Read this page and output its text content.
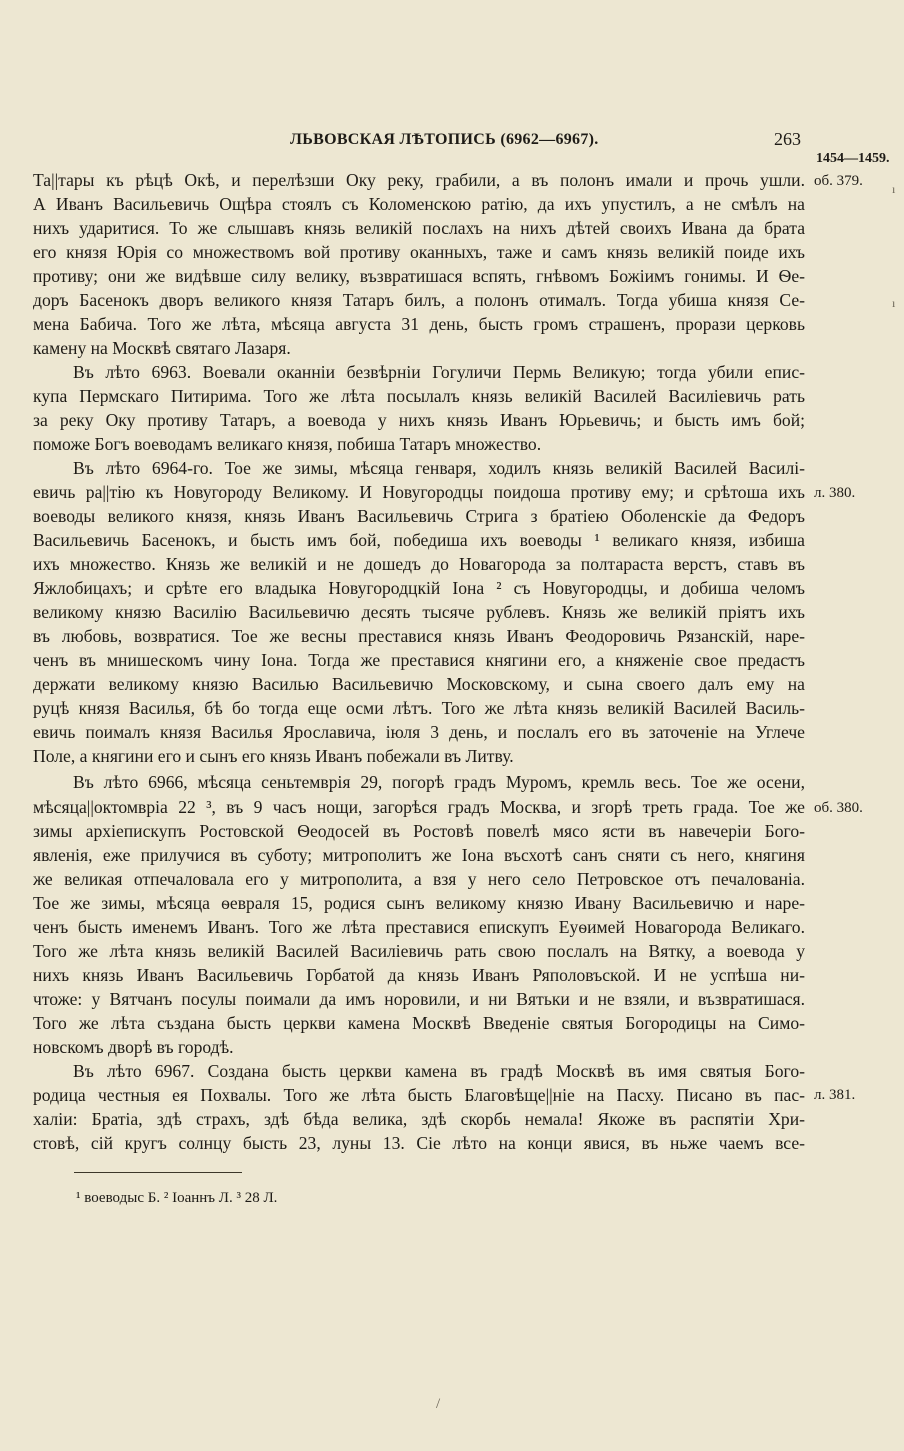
ЛЬВОВСКАЯ ЛѢТОПИСЬ (6962—6967).	263
1454—1459.
об. 379.
л. 380.
об. 380.
л. 381.
Та||тары къ рѣцѣ Окѣ, и перелѣзши Оку реку, грабили, а въ полонъ имали и прочь ушли.
А Иванъ Васильевичь Ощѣра стоялъ съ Коломенскою ратію, да ихъ упустилъ, а не смѣлъ на
нихъ ударитися. То же слышавъ князь великій послахъ на нихъ дѣтей своихъ Ивана да брата
его князя Юрія со множествомъ вой противу оканныхъ, таже и самъ князь великій поиде ихъ
противу; они же видѣвше силу велику, възвратишася вспять, гнѣвомъ Божіимъ гонимы. И Ѳе-
доръ Басенокъ дворъ великого князя Татаръ билъ, а полонъ отималъ. Тогда убиша князя Се-
мена Бабича. Того же лѣта, мѣсяца августа 31 день, бысть громъ страшенъ, прорази церковь
камену на Москвѣ святаго Лазаря.
Въ лѣто 6963. Воевали оканніи безвѣрніи Гогуличи Пермь Великую; тогда убили епис-
купа Пермскаго Питирима. Того же лѣта посылалъ князь великій Василей Василіевичь рать
за реку Оку противу Татаръ, а воевода у нихъ князь Иванъ Юрьевичь; и бысть имъ бой;
поможе Богъ воеводамъ великаго князя, побиша Татаръ множество.
Въ лѣто 6964-го. Тое же зимы, мѣсяца генваря, ходилъ князь великій Василей Василі-
евичь ра||тію къ Новугороду Великому. И Новугородцы поидоша противу ему; и срѣтоша ихъ
воеводы великого князя, князь Иванъ Васильевичь Стрига з братіею Оболенскіе да Федоръ
Васильевичь Басенокъ, и бысть имъ бой, победиша ихъ воеводы ¹ великаго князя, избиша
ихъ множество. Князь же великій и не дошедъ до Новагорода за полтараста верстъ, ставъ въ
Яжлобицахъ; и срѣте его владыка Новугородцкій Іона ² съ Новугородцы, и добиша челомъ
великому князю Василію Васильевичю десять тысяче рублевъ. Князь же великій пріятъ ихъ
въ любовь, возвратися. Тое же весны преставися князь Иванъ Феодоровичь Рязанскій, наре-
ченъ въ мнишескомъ чину Іона. Тогда же преставися княгини его, а княженіе свое предастъ
держати великому князю Василью Васильевичю Московскому, и сына своего далъ ему на
руцѣ князя Василья, бѣ бо тогда еще осми лѣтъ. Того же лѣта князь великій Василей Василь-
евичь поималъ князя Василья Ярославича, іюля 3 день, и послалъ его въ заточеніе на Углече
Поле, а княгини его и сынъ его князь Иванъ побежали въ Литву.
Въ лѣто 6966, мѣсяца сеньтемврія 29, погорѣ градъ Муромъ, кремль весь. Тое же осени,
мѣсяца||октомвріа 22 ³, въ 9 часъ нощи, загорѣся градъ Москва, и згорѣ треть града. Тое же
зимы архіепискупъ Ростовской Ѳеодосей въ Ростовѣ повелѣ мясо ясти въ навечеріи Бого-
явленія, еже прилучися въ суботу; митрополитъ же Іона въсхотѣ санъ сняти съ него, княгиня
же великая отпечаловала его у митрополита, а взя у него село Петровское отъ печалованіа.
Тое же зимы, мѣсяца ѳевраля 15, родися сынъ великому князю Ивану Васильевичю и наре-
ченъ бысть именемъ Иванъ. Того же лѣта преставися епискупъ Еуѳимей Новагорода Великаго.
Того же лѣта князь великій Василей Василіевичь рать свою послалъ на Вятку, а воевода у
нихъ князь Иванъ Васильевичь Горбатой да князь Иванъ Ряполовъской. И не успѣша ни-
чтоже: у Вятчанъ посулы поимали да имъ норовили, и ни Вятьки и не взяли, и възвратишася.
Того же лѣта създана бысть церкви камена Москвѣ Введеніе святыя Богородицы на Симо-
новскомъ дворѣ въ городѣ.
Въ лѣто 6967. Создана бысть церкви камена въ градѣ Москвѣ въ имя святыя Бого-
родица честныя ея Похвалы. Того же лѣта бысть Благовѣще||ніе на Пасху. Писано въ пас-
халіи: Братіа, здѣ страхъ, здѣ бѣда велика, здѣ скорбь немала! Якоже въ распятіи Хри-
стовѣ, сій кругъ солнцу бысть 23, луны 13. Сіе лѣто на конци явися, въ ньже чаемъ все-
¹ воеводыс Б. ² Іоаннъ Л. ³ 28 Л.
/
ı
ı
